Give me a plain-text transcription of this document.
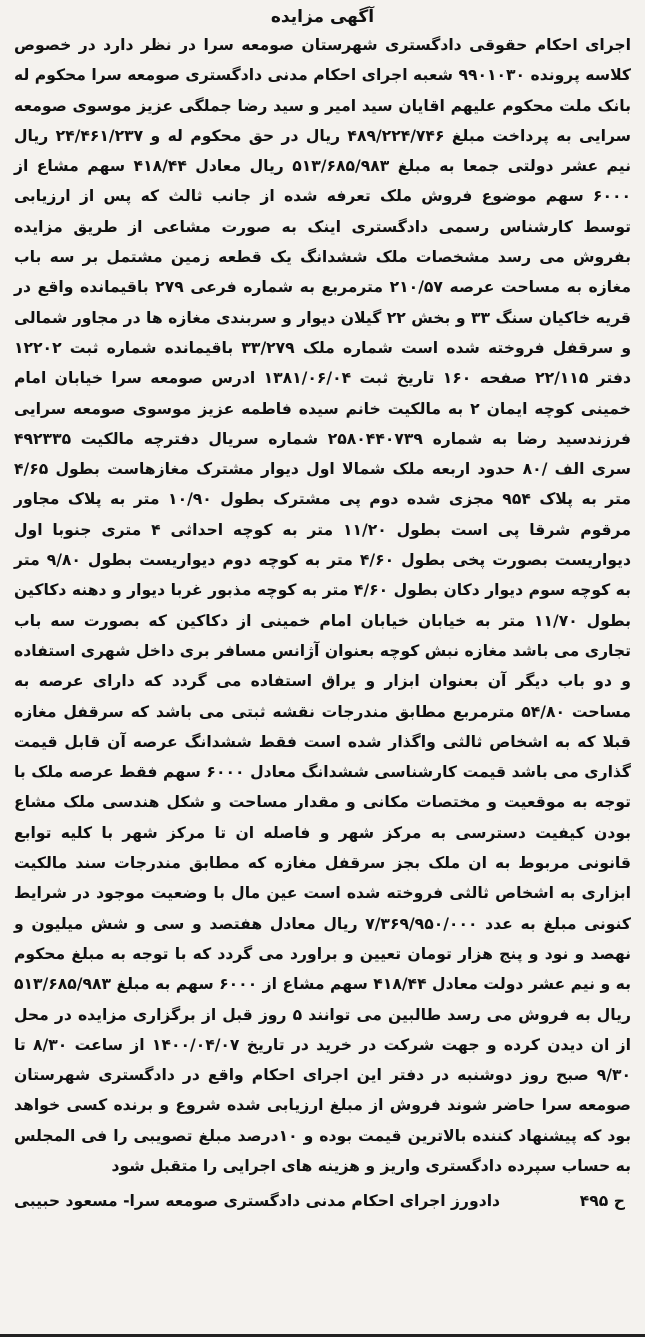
آگهی مزایده

اجرای احکام حقوقی دادگستری شهرستان صومعه سرا در نظر دارد در خصوص کلاسه پرونده ۹۹۰۱۰۳۰ شعبه اجرای احکام مدنی دادگستری صومعه سرا محکوم له بانک ملت محکوم علیهم اقایان سید امیر و سید رضا جملگی عزیز موسوی صومعه سرایی به پرداخت مبلغ ۴۸۹/۲۲۴/۷۴۶ ریال در حق محکوم له و ۲۴/۴۶۱/۲۳۷ ریال نیم عشر دولتی جمعا به مبلغ ۵۱۳/۶۸۵/۹۸۳ ریال معادل ۴۱۸/۴۴ سهم مشاع از ۶۰۰۰ سهم موضوع فروش ملک تعرفه شده از جانب ثالث که پس از ارزیابی توسط کارشناس رسمی دادگستری اینک به صورت مشاعی از طریق مزایده بفروش می رسد مشخصات ملک ششدانگ یک قطعه زمین مشتمل بر سه باب مغازه به مساحت عرصه ۲۱۰/۵۷ مترمربع به شماره فرعی ۲۷۹ باقیمانده واقع در قریه خاکیان سنگ ۳۳ و بخش ۲۲ گیلان دیوار و سربندی مغازه ها در مجاور شمالی و سرقفل فروخته شده است شماره ملک ۳۳/۲۷۹ باقیمانده شماره ثبت ۱۲۲۰۲ دفتر ۲۲/۱۱۵ صفحه ۱۶۰ تاریخ ثبت ۱۳۸۱/۰۶/۰۴ ادرس صومعه سرا خیابان امام خمینی کوچه ایمان ۲ به مالکیت خانم سیده فاطمه عزیز موسوی صومعه سرایی فرزندسید رضا به شماره ۲۵۸۰۴۴۰۷۳۹ شماره سریال دفترچه مالکیت ۴۹۲۳۳۵ سری الف /۸۰ حدود اربعه ملک شمالا اول دیوار مشترک مغازهاست بطول ۴/۶۵ متر به پلاک ۹۵۴ مجزی شده دوم پی مشترک بطول ۱۰/۹۰ متر به پلاک مجاور مرقوم شرقا پی است بطول ۱۱/۲۰ متر به کوچه احداثی ۴ متری جنوبا اول دیواریست بصورت پخی بطول ۴/۶۰ متر به کوچه دوم دیواریست بطول ۹/۸۰ متر به کوچه سوم دیوار دکان بطول ۴/۶۰ متر به کوچه مذبور غربا دیوار و دهنه دکاکین بطول ۱۱/۷۰ متر به خیابان خیابان امام خمینی از دکاکین که بصورت سه باب تجاری می باشد مغازه نبش کوچه بعنوان آژانس مسافر بری داخل شهری استفاده و دو باب دیگر آن بعنوان ابزار و یراق استفاده می گردد که دارای عرصه به مساحت ۵۴/۸۰ مترمربع مطابق مندرجات نقشه ثبتی می باشد که سرقفل مغازه قبلا که به اشخاص ثالثی واگذار شده است فقط ششدانگ عرصه آن قابل قیمت گذاری می باشد قیمت کارشناسی ششدانگ معادل ۶۰۰۰ سهم فقط عرصه ملک با توجه به موقعیت و مختصات مکانی و مقدار مساحت و شکل هندسی ملک مشاع بودن کیفیت دسترسی به مرکز شهر و فاصله ان تا مرکز شهر با کلیه توابع قانونی مربوط به ان ملک بجز سرقفل مغازه که مطابق مندرجات سند مالکیت ابزاری به اشخاص ثالثی فروخته شده است عین مال با وضعیت موجود در شرایط کنونی مبلغ به عدد ۷/۳۶۹/۹۵۰/۰۰۰ ریال معادل هفتصد و سی و شش میلیون و نهصد و نود و پنج هزار تومان تعیین و براورد می گردد که با توجه به مبلغ محکوم به و نیم عشر دولت معادل ۴۱۸/۴۴ سهم مشاع از ۶۰۰۰ سهم به مبلغ ۵۱۳/۶۸۵/۹۸۳ ریال به فروش می رسد طالبین می توانند ۵ روز قبل از برگزاری مزایده در محل از ان دیدن کرده و جهت شرکت در خرید در تاریخ ۱۴۰۰/۰۴/۰۷ از ساعت ۸/۳۰ تا ۹/۳۰ صبح روز دوشنبه در دفتر این اجرای احکام واقع در دادگستری شهرستان صومعه سرا حاضر شوند فروش از مبلغ ارزیابی شده شروع و برنده کسی خواهد بود که پیشنهاد کننده بالاترین قیمت بوده و ۱۰درصد مبلغ تصویبی را فی المجلس به حساب سپرده دادگستری واریز و هزینه های اجرایی را متقبل شود

ح ۴۹۵
دادورز اجرای احکام مدنی دادگستری صومعه سرا- مسعود حبیبی
